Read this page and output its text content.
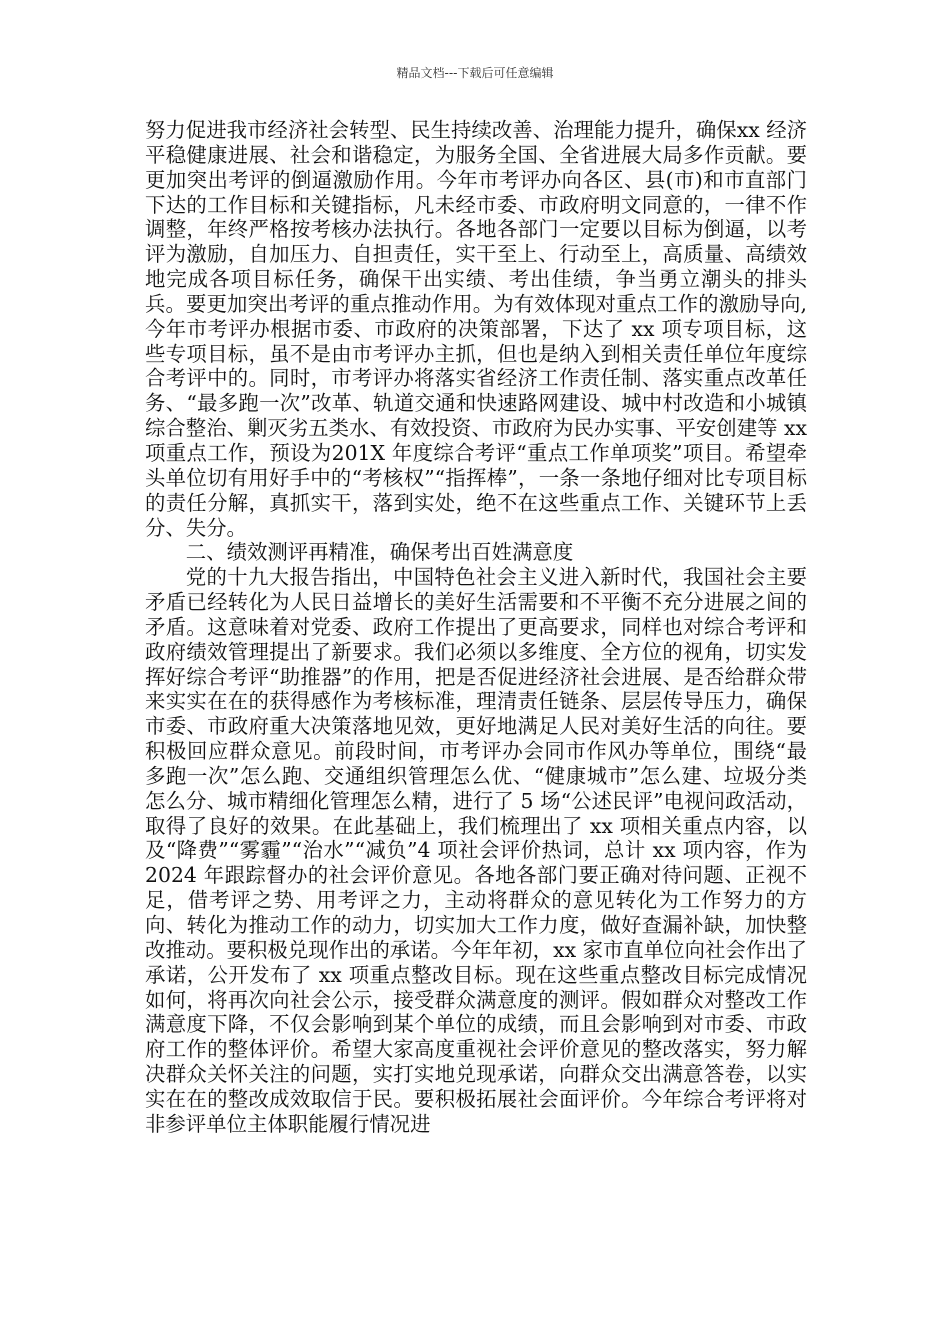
精品文档---下载后可任意编辑

努力促进我市经济社会转型、民生持续改善、治理能力提升，确保xx 经济平稳健康进展、社会和谐稳定，为服务全国、全省进展大局多作贡献。要更加突出考评的倒逼激励作用。今年市考评办向各区、县(市)和市直部门下达的工作目标和关键指标，凡未经市委、市政府明文同意的，一律不作调整，年终严格按考核办法执行。各地各部门一定要以目标为倒逼，以考评为激励，自加压力、自担责任，实干至上、行动至上，高质量、高绩效地完成各项目标任务，确保干出实绩、考出佳绩，争当勇立潮头的排头兵。要更加突出考评的重点推动作用。为有效体现对重点工作的激励导向,今年市考评办根据市委、市政府的决策部署，下达了 xx 项专项目标，这些专项目标，虽不是由市考评办主抓，但也是纳入到相关责任单位年度综合考评中的。同时，市考评办将落实省经济工作责任制、落实重点改革任务、“最多跑一次”改革、轨道交通和快速路网建设、城中村改造和小城镇综合整治、剿灭劣五类水、有效投资、市政府为民办实事、平安创建等 xx 项重点工作，预设为201X 年度综合考评“重点工作单项奖”项目。希望牵头单位切有用好手中的“考核权”“指挥棒”，一条一条地仔细对比专项目标的责任分解，真抓实干，落到实处，绝不在这些重点工作、关键环节上丢分、失分。

二、绩效测评再精准，确保考出百姓满意度

党的十九大报告指出，中国特色社会主义进入新时代，我国社会主要矛盾已经转化为人民日益增长的美好生活需要和不平衡不充分进展之间的矛盾。这意味着对党委、政府工作提出了更高要求，同样也对综合考评和政府绩效管理提出了新要求。我们必须以多维度、全方位的视角，切实发挥好综合考评“助推器”的作用，把是否促进经济社会进展、是否给群众带来实实在在的获得感作为考核标准，理清责任链条、层层传导压力，确保市委、市政府重大决策落地见效，更好地满足人民对美好生活的向往。要积极回应群众意见。前段时间，市考评办会同市作风办等单位，围绕“最多跑一次”怎么跑、交通组织管理怎么优、“健康城市”怎么建、垃圾分类怎么分、城市精细化管理怎么精，进行了 5 场“公述民评”电视问政活动，取得了良好的效果。在此基础上，我们梳理出了 xx 项相关重点内容，以及“降费”“雾霾”“治水”“减负”4 项社会评价热词，总计 xx 项内容，作为 2024 年跟踪督办的社会评价意见。各地各部门要正确对待问题、正视不足，借考评之势、用考评之力，主动将群众的意见转化为工作努力的方向、转化为推动工作的动力，切实加大工作力度，做好查漏补缺，加快整改推动。要积极兑现作出的承诺。今年年初，xx 家市直单位向社会作出了承诺，公开发布了 xx 项重点整改目标。现在这些重点整改目标完成情况如何，将再次向社会公示，接受群众满意度的测评。假如群众对整改工作满意度下降，不仅会影响到某个单位的成绩，而且会影响到对市委、市政府工作的整体评价。希望大家高度重视社会评价意见的整改落实，努力解决群众关怀关注的问题，实打实地兑现承诺，向群众交出满意答卷，以实实在在的整改成效取信于民。要积极拓展社会面评价。今年综合考评将对非参评单位主体职能履行情况进
